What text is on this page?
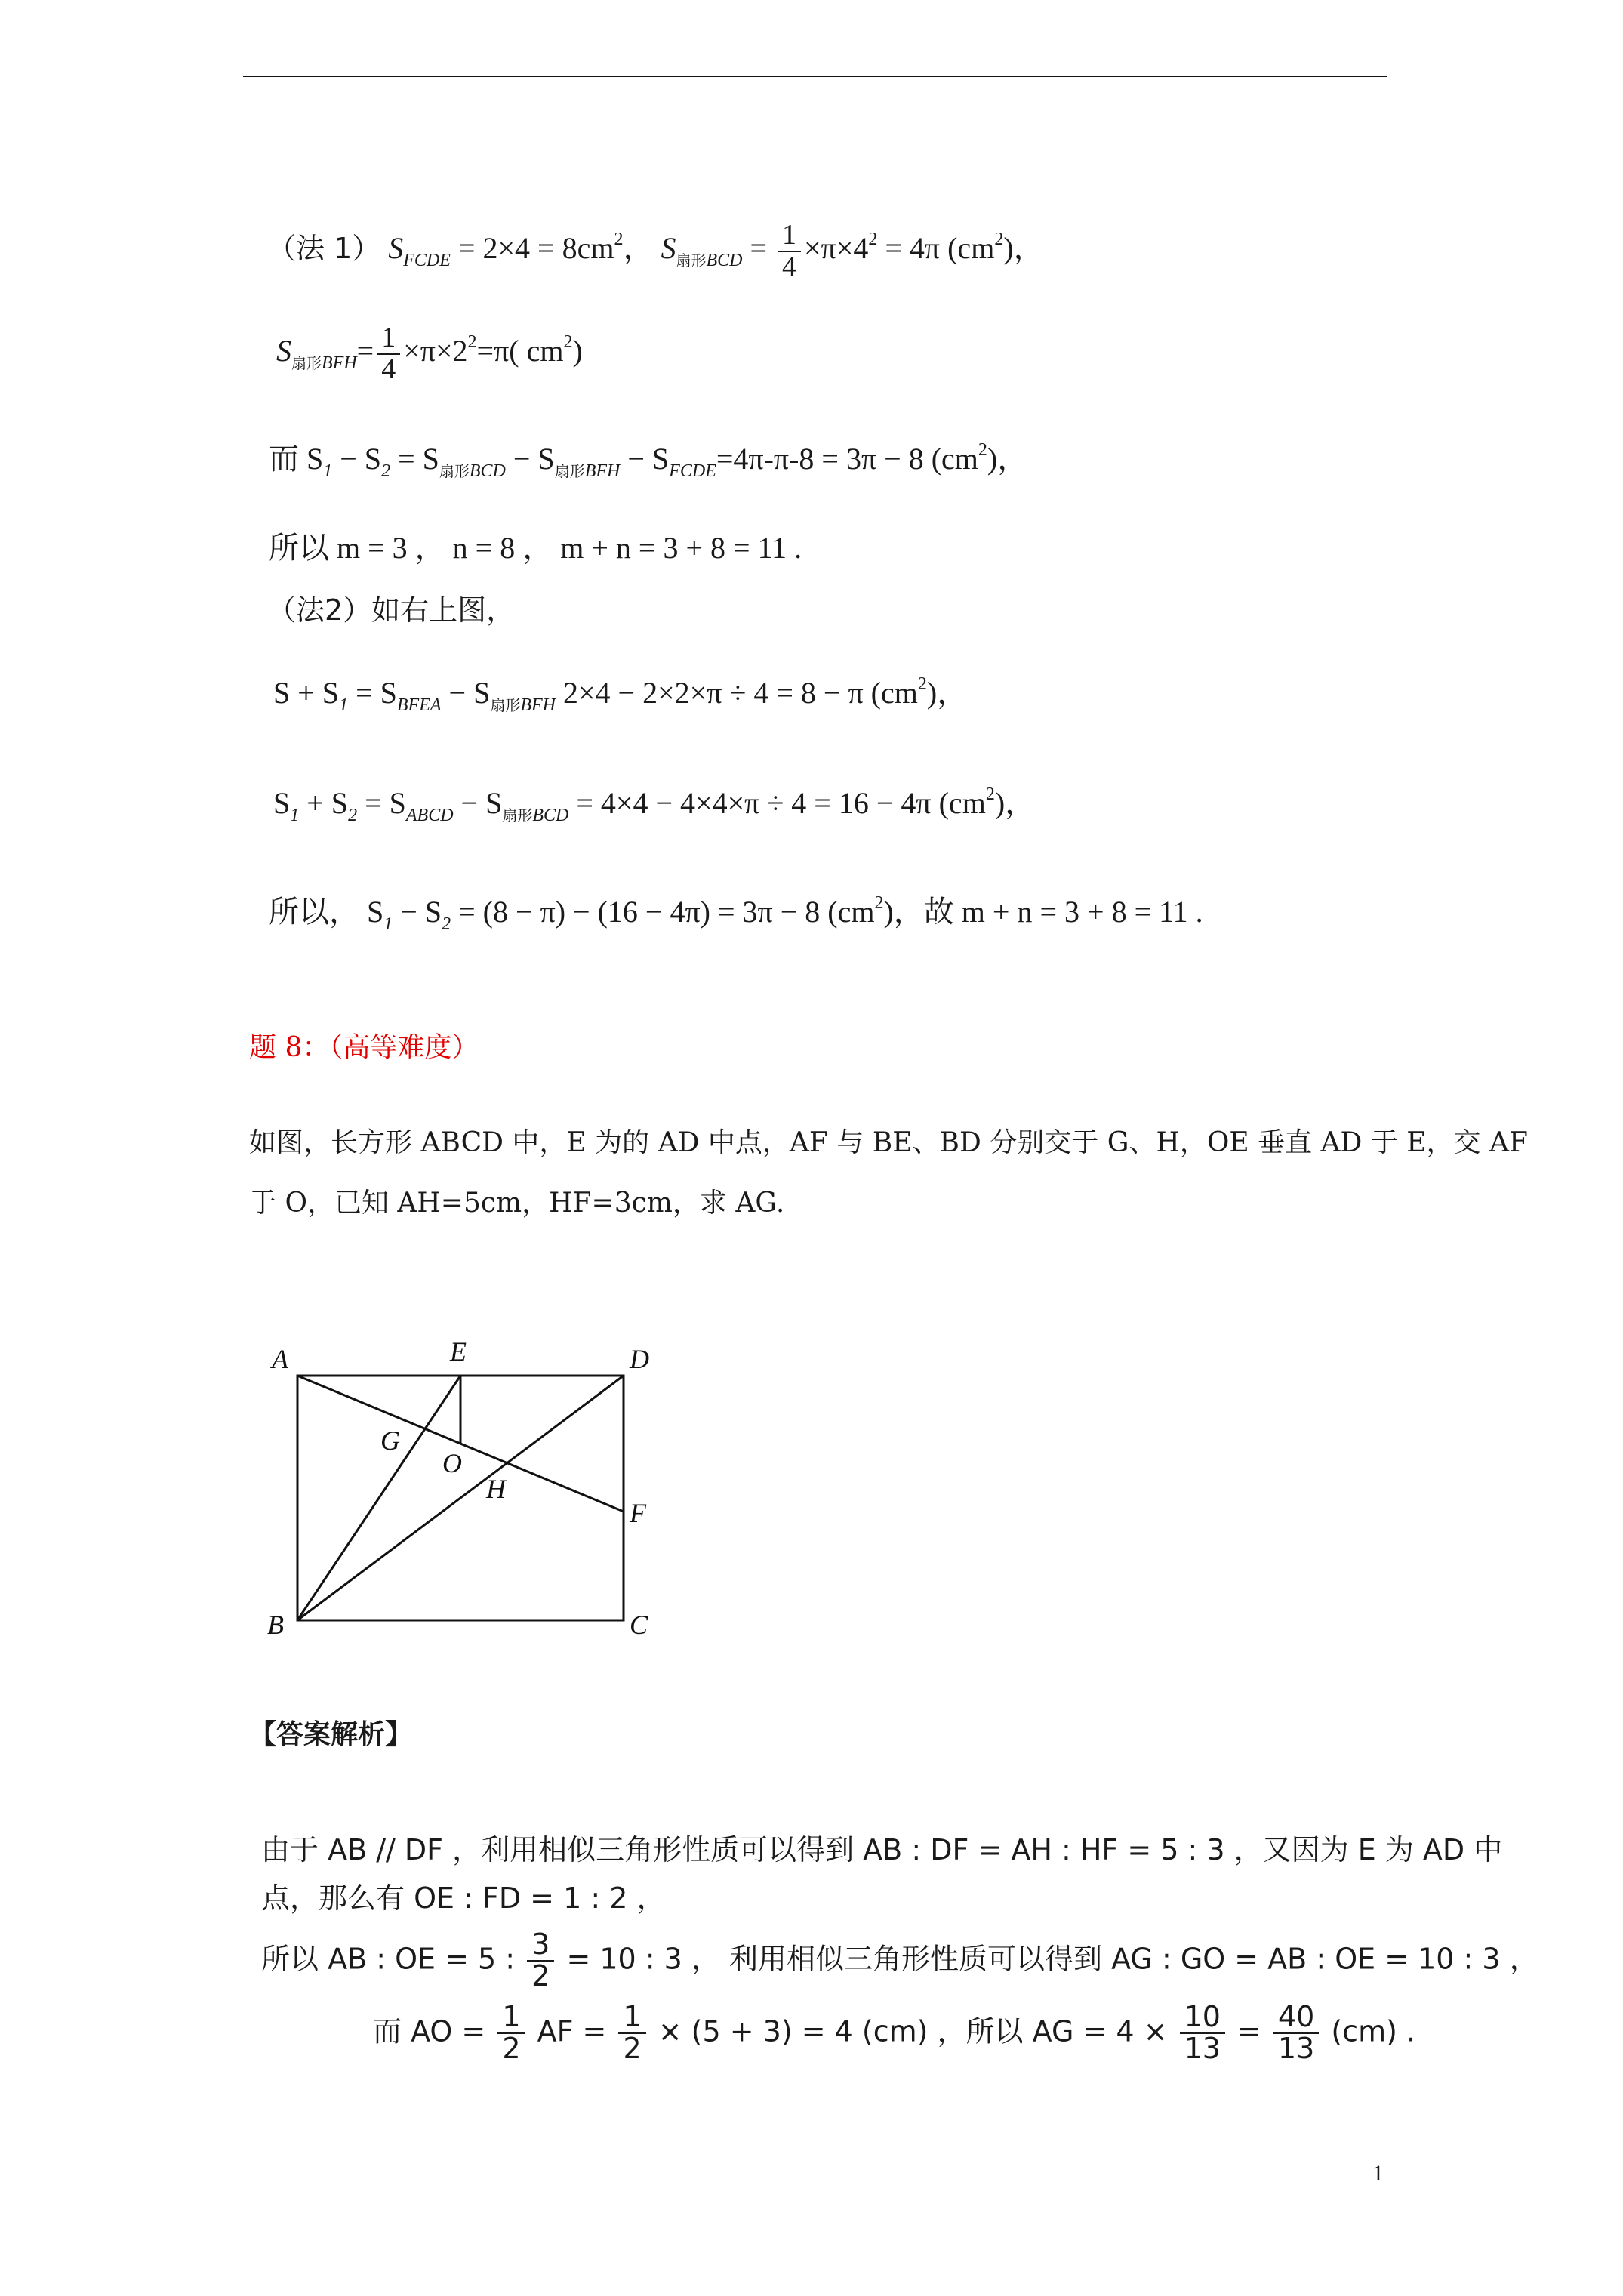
（法 1） $S_{FCDE} = 2\times 4 = 8cm^2$， $S_{扇形BCD} = \frac{1}{4} \times\pi\times 4^2 = 4\pi$ $(cm^2)$，
$S_{扇形BFH}= \frac{1}{4} \times\pi\times 2^2=\pi$( $cm^2$)
而 $S_1 - S_2 = S_{扇形BCD} - S_{扇形BFH} - S_{FCDE}=4\pi-\pi-8 = 3\pi - 8$ $(cm^2)$，
所以 m = 3 ， n = 8 ， m + n = 3 + 8 = 11 .
（法2）如右上图，
$S + S_1 = S_{BFEA} - S_{扇形BFH}$ 2×4 − 2×2×π ÷ 4 = 8 − π $(cm^2)$，
$S_1 + S_2 = S_{ABCD} - S_{扇形BCD} = 4\times 4 - 4\times 4\times\pi \div 4 = 16 - 4\pi$ $(cm^2)$，
所以， $S_1 - S_2 = (8 - \pi) - (16 - 4\pi) = 3\pi - 8$ $(cm^2)$，故 m + n = 3 + 8 = 11 .
题 8：（高等难度）
如图，长方形 ABCD 中，E 为的 AD 中点，AF 与 BE、BD 分别交于 G、H，OE 垂直 AD 于 E，交 AF
于 O，已知 AH=5cm，HF=3cm，求 AG.
A	E	D
G
O
H
F
B	C
【答案解析】
由于 AB // DF ，利用相似三角形性质可以得到 AB : DF = AH : HF = 5 : 3 ，又因为 E 为 AD 中
点，那么有 OE : FD = 1 : 2 ，
所以 AB : OE = 5 : $\frac{3}{2} = 10$ : 3 ， 利用相似三角形性质可以得到 AG : GO = AB : OE = 10 : 3 ，
而 AO = $\frac{1}{2}$ AF = $\frac{1}{2} \times (5 + 3) = 4$ (cm) ，所以 AG = $4 \times \frac{10}{13} = \frac{40}{13} (cm)$ .
1
